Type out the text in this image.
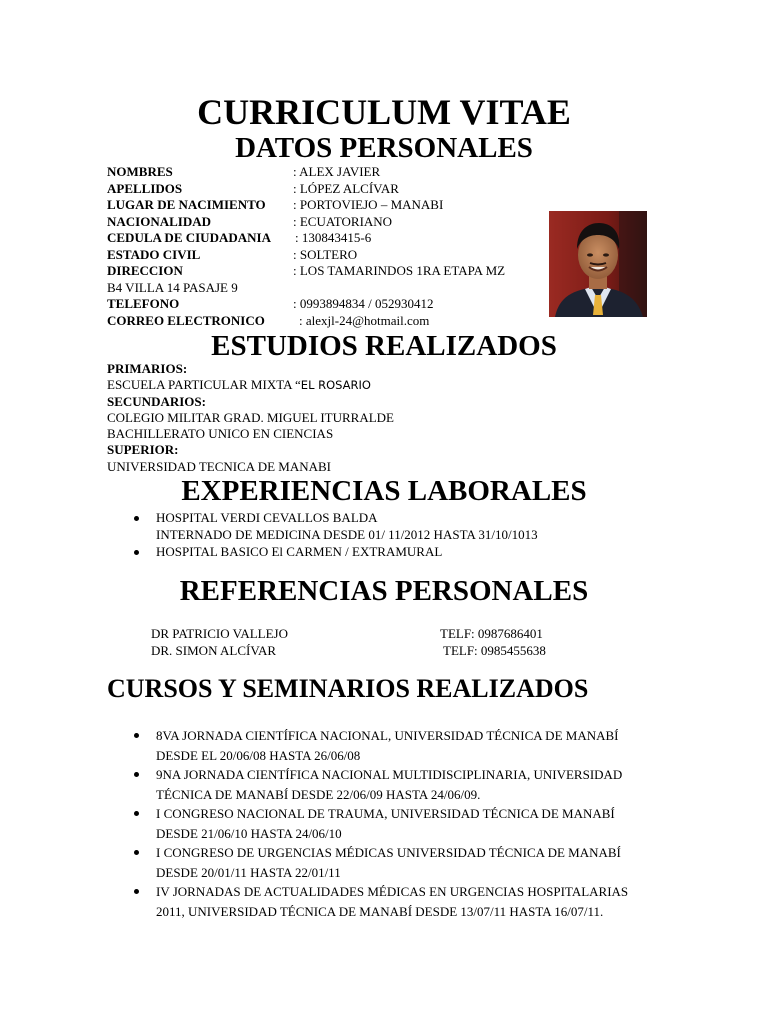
CURRICULUM VITAE
DATOS PERSONALES
NOMBRES	: ALEX JAVIER
APELLIDOS	: LÓPEZ ALCÍVAR
LUGAR DE NACIMIENTO : PORTOVIEJO – MANABI
NACIONALIDAD	: ECUATORIANO
CEDULA DE CIUDADANIA : 130843415-6
ESTADO CIVIL	: SOLTERO
DIRECCION	: LOS TAMARINDOS 1RA ETAPA MZ
B4 VILLA 14 PASAJE 9
TELEFONO	: 0993894834 / 052930412
CORREO ELECTRONICO	: alexjl-24@hotmail.com
ESTUDIOS REALIZADOS
PRIMARIOS:
ESCUELA PARTICULAR MIXTA “EL ROSARIO
SECUNDARIOS:
COLEGIO MILITAR GRAD. MIGUEL ITURRALDE
BACHILLERATO UNICO EN CIENCIAS
SUPERIOR:
UNIVERSIDAD TECNICA DE MANABI
EXPERIENCIAS LABORALES
HOSPITAL VERDI CEVALLOS BALDA
INTERNADO DE MEDICINA DESDE 01/ 11/2012 HASTA 31/10/1013
HOSPITAL BASICO El CARMEN / EXTRAMURAL
REFERENCIAS PERSONALES
DR PATRICIO VALLEJO	TELF: 0987686401
DR. SIMON ALCÍVAR	TELF: 0985455638
CURSOS Y SEMINARIOS REALIZADOS
8VA JORNADA CIENTÍFICA NACIONAL, UNIVERSIDAD TÉCNICA DE MANABÍ
DESDE EL 20/06/08 HASTA 26/06/08
9NA JORNADA CIENTÍFICA NACIONAL MULTIDISCIPLINARIA, UNIVERSIDAD
TÉCNICA DE MANABÍ DESDE 22/06/09 HASTA 24/06/09.
I CONGRESO NACIONAL DE TRAUMA, UNIVERSIDAD TÉCNICA DE MANABÍ
DESDE 21/06/10 HASTA 24/06/10
I CONGRESO DE URGENCIAS MÉDICAS UNIVERSIDAD TÉCNICA DE MANABÍ
DESDE 20/01/11 HASTA 22/01/11
IV JORNADAS DE ACTUALIDADES MÉDICAS EN URGENCIAS HOSPITALARIAS
2011, UNIVERSIDAD TÉCNICA DE MANABÍ DESDE 13/07/11 HASTA 16/07/11.
